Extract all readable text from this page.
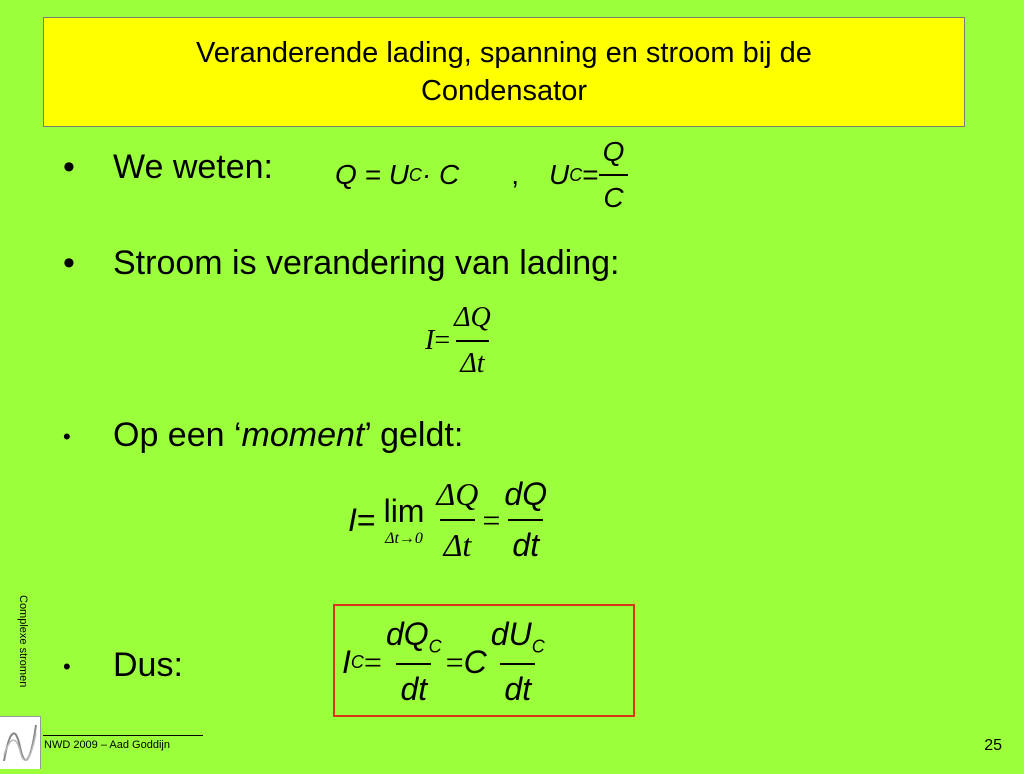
Veranderende lading, spanning en stroom bij de Condensator
•	We weten: Q = U C · C , U $C = \frac{Q}{C}$
•	Stroom is verandering van lading:
$I = \frac{\Delta Q}{\Delta t}$
•	Op een ‘ moment ’ geldt:
I = lim
$\Delta t\to 0 \frac{\Delta Q}{\Delta t} = \frac{dQ}{dt}$
•	Dus:	I $C = \frac{dQ_C}{dt} = C \frac{dU_C}{dt}$
Complexe stromen
NWD 2009 – Aad Goddijn	25
